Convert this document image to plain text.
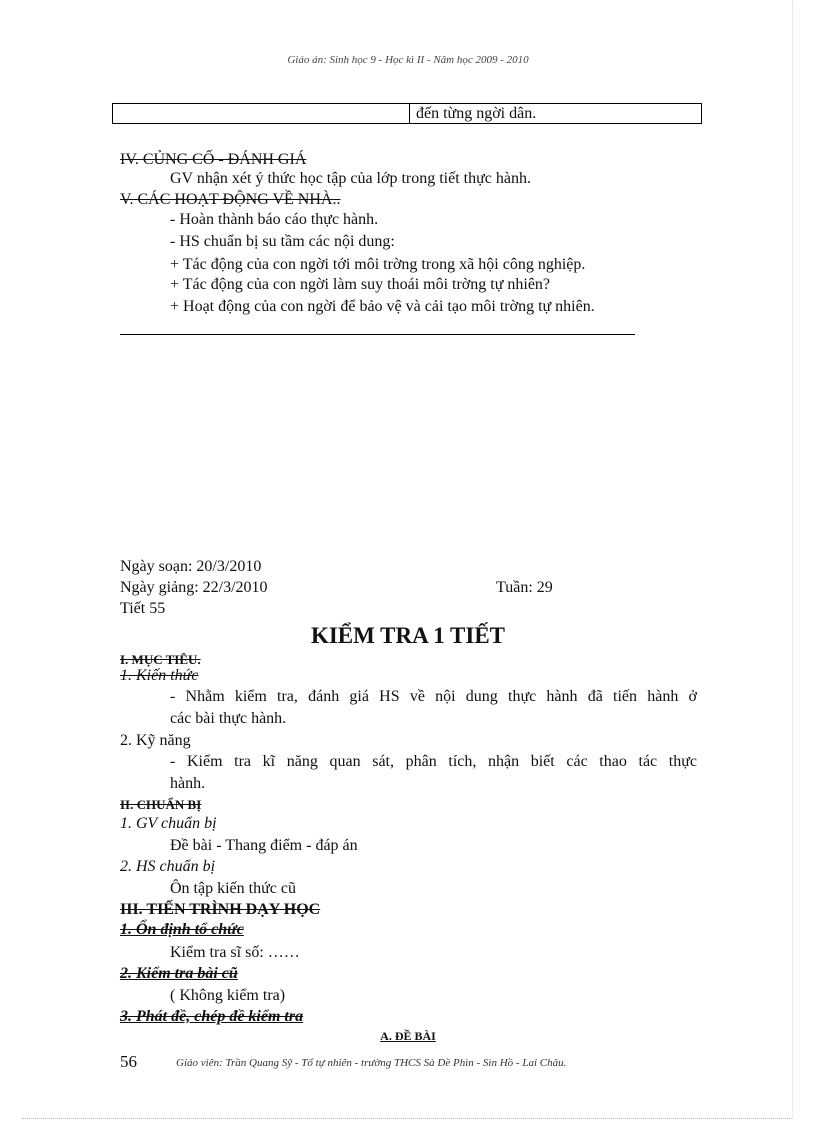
Giáo án: Sinh học 9 - Học kì II - Năm học 2009 - 2010
đến từng ngời dân.
IV. CỦNG CỐ - ĐÁNH GIÁ
GV nhận xét ý thức học tập của lớp trong tiết thực hành.
V. CÁC HOẠT ĐỘNG VỀ NHÀ..
- Hoàn thành báo cáo thực hành.
- HS chuẩn bị su tầm các nội dung:
+ Tác động của con ngời tới môi trờng trong xã hội công nghiệp.
+ Tác động của con ngời làm suy thoái môi trờng tự nhiên?
+ Hoạt động của con ngời để bảo vệ và cải tạo môi trờng tự nhiên.
Ngày soạn: 20/3/2010
Ngày giảng: 22/3/2010	Tuần: 29
Tiết 55
KIỂM TRA 1 TIẾT
I. MỤC TIÊU.
1. Kiến thức
- Nhằm kiểm tra, đánh giá HS về nội dung thực hành đã tiến hành ở
các bài thực hành.
2. Kỹ năng
- Kiểm tra kĩ năng quan sát, phân tích, nhận biết các thao tác thực
hành.
II. CHUẨN BỊ
1. GV chuẩn bị
Đề bài - Thang điểm - đáp án
2. HS chuẩn bị
Ôn tập kiến thức cũ
III. TIẾN TRÌNH DẠY HỌC
1. Ổn định tổ chức
Kiểm tra sĩ số: ……
2. Kiểm tra bài cũ
( Không kiểm tra)
3. Phát đề, chép đề kiểm tra
A. ĐỀ BÀI
56	Giáo viên: Trần Quang Sỹ - Tổ tự nhiên - trường THCS Sà Dề Phìn - Sìn Hồ - Lai Châu.
